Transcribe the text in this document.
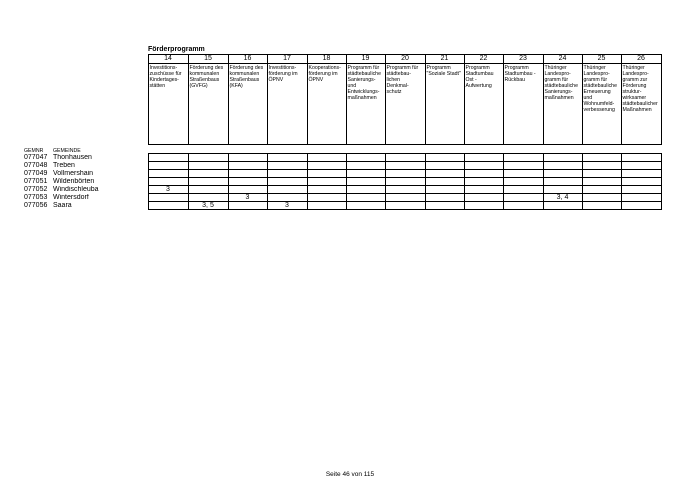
Förderprogramm
		14	15	16	17	18	19	20	21	22	23	24	25	26
		Investitions-zuschüsse für Kindertages-stätten	Förderung des kommunalen Straßenbaus (GVFG)	Förderung des kommunalen Straßenbaus (KFA)	Investitions-förderung im ÖPNV	Kooperations-förderung im ÖPNV	Programm für städtebauliche Sanierungs- und Entwicklungs-maßnahmen	Programm für städtebau-lichen Denkmal-schutz	Programm "Soziale Stadt"	Programm Stadtumbau Ost - Aufwertung	Programm Stadtumbau - Rückbau	Thüringer Landespro-gramm für städtebauliche Sanierungs-maßnahmen	Thüringer Landespro-gramm für städtebauliche Erneuerung und Wohnumfeld-verbesserung	Thüringer Landespro-gramm zur Förderung struktur-wirksamer städtebaulicher Maßnahmen
GEMNR	GEMEINDE													
077047	Thonhausen													
077048	Treben													
077049	Vollmershain													
077051	Wildenbörten													
077052	Windischleuba	3												
077053	Wintersdorf			3								3, 4		
077056	Saara		3, 5		3									
Seite 46 von 115
